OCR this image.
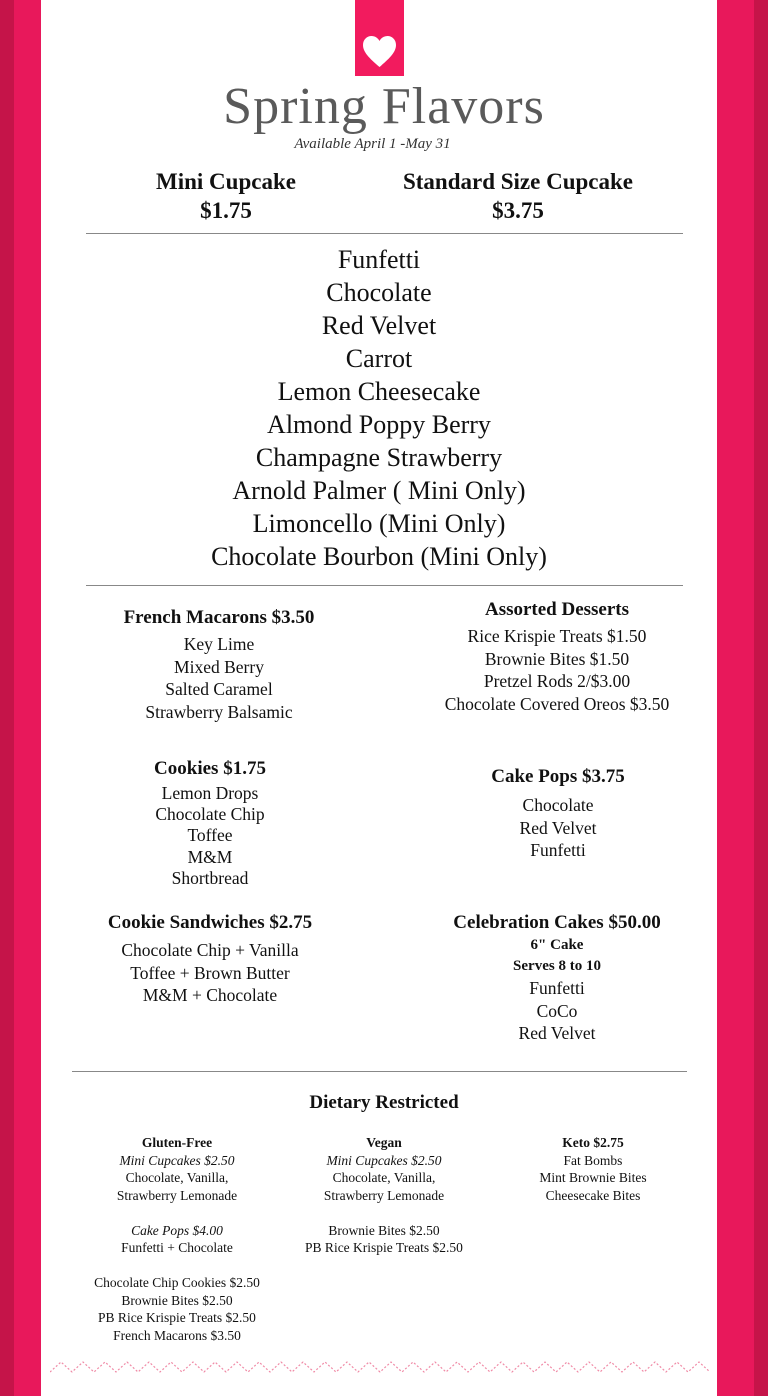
Spring Flavors
Available April 1 -May 31
Mini Cupcake
$1.75
Standard Size Cupcake
$3.75
Funfetti
Chocolate
Red Velvet
Carrot
Lemon Cheesecake
Almond Poppy Berry
Champagne Strawberry
Arnold Palmer ( Mini Only)
Limoncello (Mini Only)
Chocolate Bourbon (Mini Only)
French Macarons $3.50
Key Lime
Mixed Berry
Salted Caramel
Strawberry Balsamic
Assorted Desserts
Rice Krispie Treats $1.50
Brownie Bites $1.50
Pretzel Rods 2/$3.00
Chocolate Covered Oreos $3.50
Cookies $1.75
Lemon Drops
Chocolate Chip
Toffee
M&M
Shortbread
Cake Pops $3.75
Chocolate
Red Velvet
Funfetti
Cookie Sandwiches $2.75
Chocolate Chip + Vanilla
Toffee + Brown Butter
M&M + Chocolate
Celebration Cakes $50.00
6" Cake
Serves 8 to 10
Funfetti
CoCo
Red Velvet
Dietary Restricted
Gluten-Free
Mini Cupcakes $2.50
Chocolate, Vanilla,
Strawberry Lemonade
Cake Pops $4.00
Funfetti + Chocolate
Chocolate Chip Cookies $2.50
Brownie Bites $2.50
PB Rice Krispie Treats $2.50
French Macarons $3.50
Vegan
Mini Cupcakes $2.50
Chocolate, Vanilla,
Strawberry Lemonade
Brownie Bites $2.50
PB Rice Krispie Treats $2.50
Keto $2.75
Fat Bombs
Mint Brownie Bites
Cheesecake Bites
